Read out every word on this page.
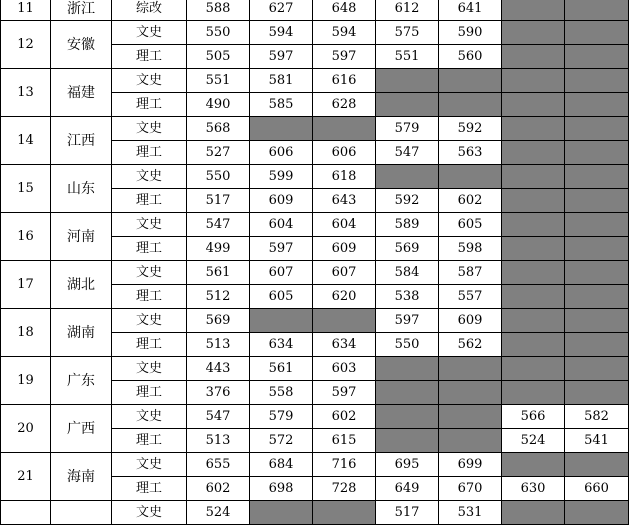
11	浙江	综改	588	627	648	612	641		
12	安徽	文史	550	594	594	575	590		
		理工	505	597	597	551	560		
13	福建	文史	551	581	616				
		理工	490	585	628				
14	江西	文史	568			579	592		
		理工	527	606	606	547	563		
15	山东	文史	550	599	618				
		理工	517	609	643	592	602		
16	河南	文史	547	604	604	589	605		
		理工	499	597	609	569	598		
17	湖北	文史	561	607	607	584	587		
		理工	512	605	620	538	557		
18	湖南	文史	569			597	609		
		理工	513	634	634	550	562		
19	广东	文史	443	561	603				
		理工	376	558	597				
20	广西	文史	547	579	602			566	582
		理工	513	572	615			524	541
21	海南	文史	655	684	716	695	699		
		理工	602	698	728	649	670	630	660
		文史	524			517	531		
